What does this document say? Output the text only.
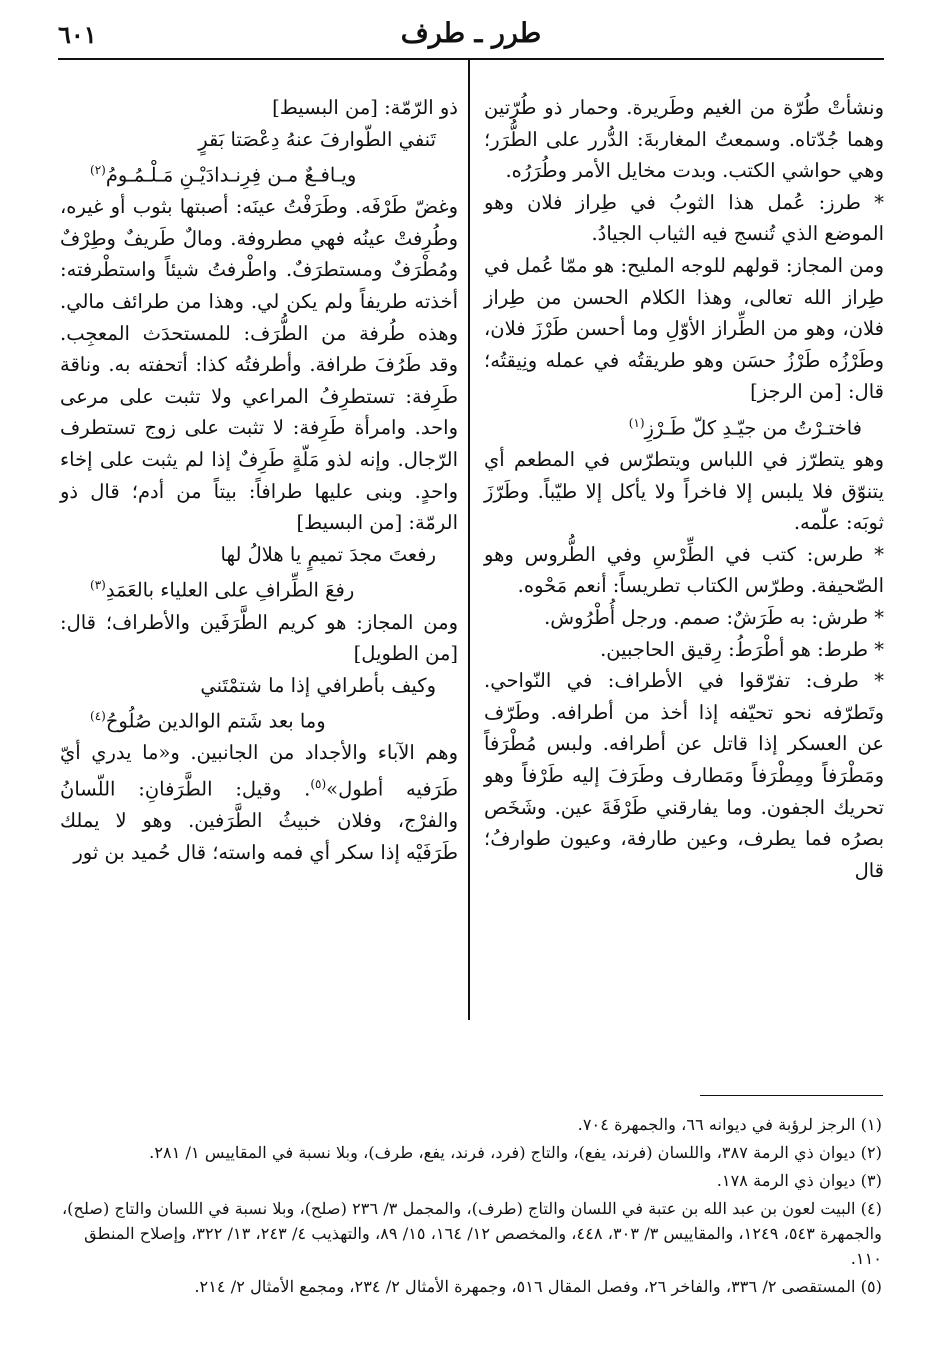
٦٠١	طرر ـ طرف

ونشأتْ طُرّة من الغيم وطَريرة. وحمار ذو طُرّتين وهما جُدّتاه. وسمعتُ المغاربةَ: الدُّرر على الطُّرَر؛ وهي حواشي الكتب. وبدت مخايل الأمر وطُرَرُه.

* طرز: عُمل هذا الثوبُ في طِراز فلان وهو الموضع الذي تُنسج فيه الثياب الجيادُ.

ومن المجاز: قولهم للوجه المليح: هو ممّا عُمل في طِراز الله تعالى، وهذا الكلام الحسن من طِراز فلان، وهو من الطِّراز الأوّلِ وما أحسن طَرْزَ فلان، وطَرْزُه طَرْزُ حسَن وهو طريقتُه في عمله ونِيقتُه؛ قال: [من الرجز]

فاختـرْتُ من جيّـدِ كلّ طَـرْزِ$^{(١)}$

وهو يتطرّز في اللباس ويتطرّس في المطعم أي يتنوّق فلا يلبس إلا فاخراً ولا يأكل إلا طيّباً. وطَرّزَ ثوبَه: علّمه.

* طرس: كتب في الطِّرْسِ وفي الطُّروس وهو الصّحيفة. وطرّس الكتاب تطريساً: أنعم مَحْوه.

* طرش: به طَرَشٌ: صمم. ورجل أُطْرُوش.

* طرط: هو أطْرَطُ: رِقيق الحاجبين.

* طرف: تفرّقوا في الأطراف: في النّواحي. وتَطرّفه نحو تحيّفه إذا أخذ من أطرافه. وطَرّف عن العسكر إذا قاتل عن أطرافه. ولبس مُطْرَفاً ومَطْرَفاً ومِطْرَفاً ومَطارف وطَرَفَ إليه طَرْفاً وهو تحريك الجفون. وما يفارقني طَرْفَةَ عين. وشَخَص بصرُه فما يطرف، وعين طارفة، وعيون طوارفُ؛ قال

ذو الرّمّة: [من البسيط]

تَنفي الطّوارفَ عنهُ دِعْصَتا بَقرٍ

ويـافـعٌ مـن فِرِنـدادَيْـنِ مَـلْـمُـومُ$^{(٢)}$

وغضّ طَرْفَه. وطَرَفْتُ عينَه: أصبتها بثوب أو غيره، وطُرِفتْ عينُه فهي مطروفة. ومالٌ طَريفٌ وطِرْفٌ ومُطْرَفٌ ومستطرَفٌ. واطْرفتُ شيئاً واستطْرفته: أخذته طريفاً ولم يكن لي. وهذا من طرائف مالي. وهذه طُرفة من الطُّرَف: للمستحدَث المعجِب. وقد طَرُفَ طرافة. وأطرفتُه كذا: أتحفته به. وناقة طَرِفة: تستطرِفُ المراعي ولا تثبت على مرعى واحد. وامرأة طَرِفة: لا تثبت على زوج تستطرف الرّجال. وإنه لذو مَلّةٍ طَرِفٌ إذا لم يثبت على إخاء واحدٍ. وبنى عليها طرافاً: بيتاً من أدم؛ قال ذو الرمّة: [من البسيط]

رفعتَ مجدَ تميمٍ يا هلالُ لها

رفعَ الطِّرافِ على العلياء بالعَمَدِ$^{(٣)}$

ومن المجاز: هو كريم الطَّرَفَين والأطراف؛ قال: [من الطويل]

وكيف بأطرافي إذا ما شتمْتَني

وما بعد شَتم الوالدين صُلُوحُ$^{(٤)}$

وهم الآباء والأجداد من الجانبين. و«ما يدري أيّ طَرَفيه أطول»$^{(٥)}$. وقيل: الطَّرَفانِ: اللّسانُ والفرْج، وفلان خبيثُ الطَّرَفين. وهو لا يملك طَرَفَيْه إذا سكر أي فمه واسته؛ قال حُميد بن ثور

(١) الرجز لرؤبة في ديوانه ٦٦، والجمهرة ٧٠٤.

(٢) ديوان ذي الرمة ٣٨٧، واللسان (فرند، يفع)، والتاج (فرد، فرند، يفع، طرف)، وبلا نسبة في المقاييس ١/ ٢٨١.

(٣) ديوان ذي الرمة ١٧٨.

(٤) البيت لعون بن عبد الله بن عتبة في اللسان والتاج (طرف)، والمجمل ٣/ ٢٣٦ (صلح)، وبلا نسبة في اللسان والتاج (صلح)، والجمهرة ٥٤٣، ١٢٤٩، والمقاييس ٣/ ٣٠٣، ٤٤٨، والمخصص ١٢/ ١٦٤، ١٥/ ٨٩، والتهذيب ٤/ ٢٤٣، ١٣/ ٣٢٢، وإصلاح المنطق ١١٠.

(٥) المستقصى ٢/ ٣٣٦، والفاخر ٢٦، وفصل المقال ٥١٦، وجمهرة الأمثال ٢/ ٢٣٤، ومجمع الأمثال ٢/ ٢١٤.
